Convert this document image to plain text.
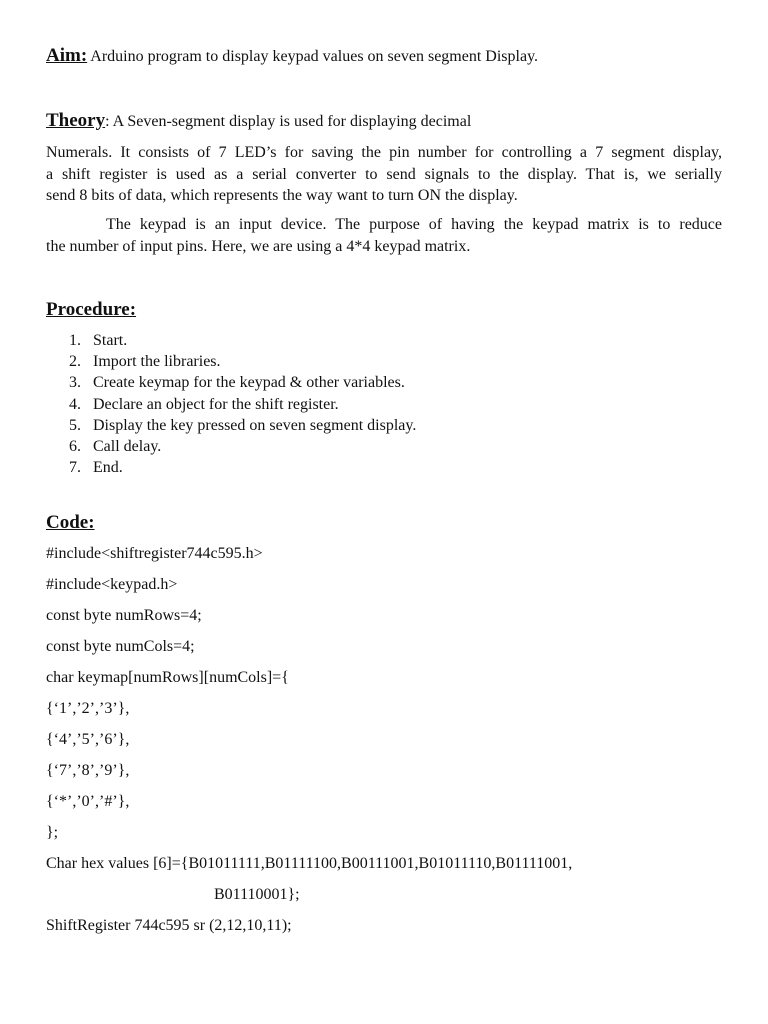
Aim: Arduino program to display keypad values on seven segment Display.
Theory: A Seven-segment display is used for displaying decimal
Numerals. It consists of 7 LED’s for saving the pin number for controlling a 7 segment display,
a shift register is used as a serial converter to send signals to the display. That is, we serially
send 8 bits of data, which represents the way want to turn ON the display.
The keypad is an input device. The purpose of having the keypad matrix is to reduce
the number of input pins. Here, we are using a 4*4 keypad matrix.
Procedure:
1. Start.
2. Import the libraries.
3. Create keymap for the keypad & other variables.
4. Declare an object for the shift register.
5. Display the key pressed on seven segment display.
6. Call delay.
7. End.
Code:
#include<shiftregister744c595.h>
#include<keypad.h>
const byte numRows=4;
const byte numCols=4;
char keymap[numRows][numCols]={
{‘1’,’2’,’3’},
{‘4’,’5’,’6’},
{‘7’,’8’,’9’},
{‘*’,’0’,’#’},
};
Char hex values [6]={B01011111,B01111100,B00111001,B01011110,B01111001,
B01110001};
ShiftRegister 744c595 sr (2,12,10,11);
